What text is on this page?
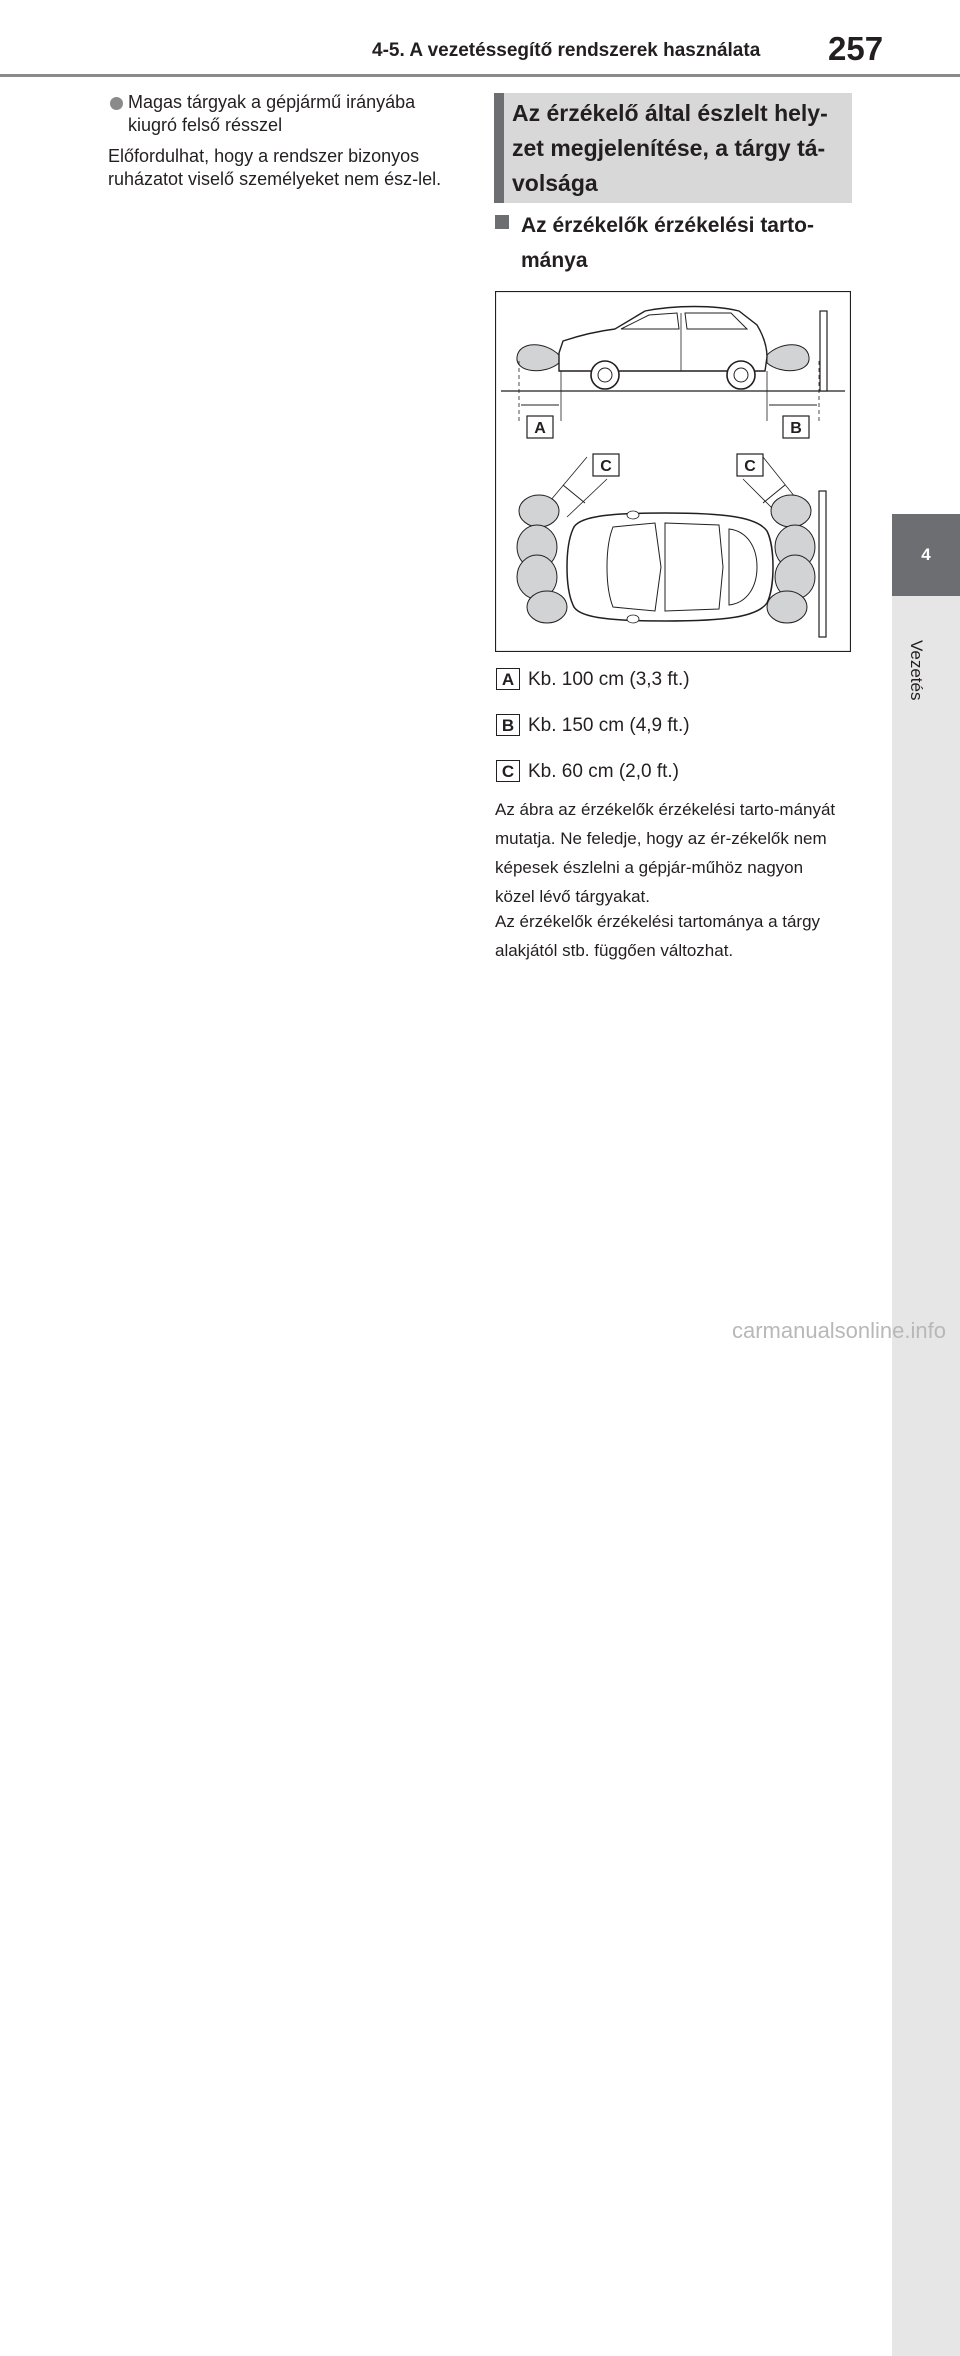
4-5. A vezetéssegítő rendszerek használata 257
4
Vezetés
Magas tárgyak a gépjármű irányába kiugró felső résszel
Előfordulhat, hogy a rendszer bizonyos ruházatot viselő személyeket nem ész-lel.
Az érzékelő által észlelt hely-zet megjelenítése, a tárgy tá-volsága
Az érzékelők érzékelési tarto-mánya
A	B
C	C
A Kb. 100 cm (3,3 ft.)
B Kb. 150 cm (4,9 ft.)
C Kb. 60 cm (2,0 ft.)
Az ábra az érzékelők érzékelési tarto-mányát mutatja. Ne feledje, hogy az ér-zékelők nem képesek észlelni a gépjár-műhöz nagyon közel lévő tárgyakat.
Az érzékelők érzékelési tartománya a tárgy alakjától stb. függően változhat.
carmanualsonline.info
